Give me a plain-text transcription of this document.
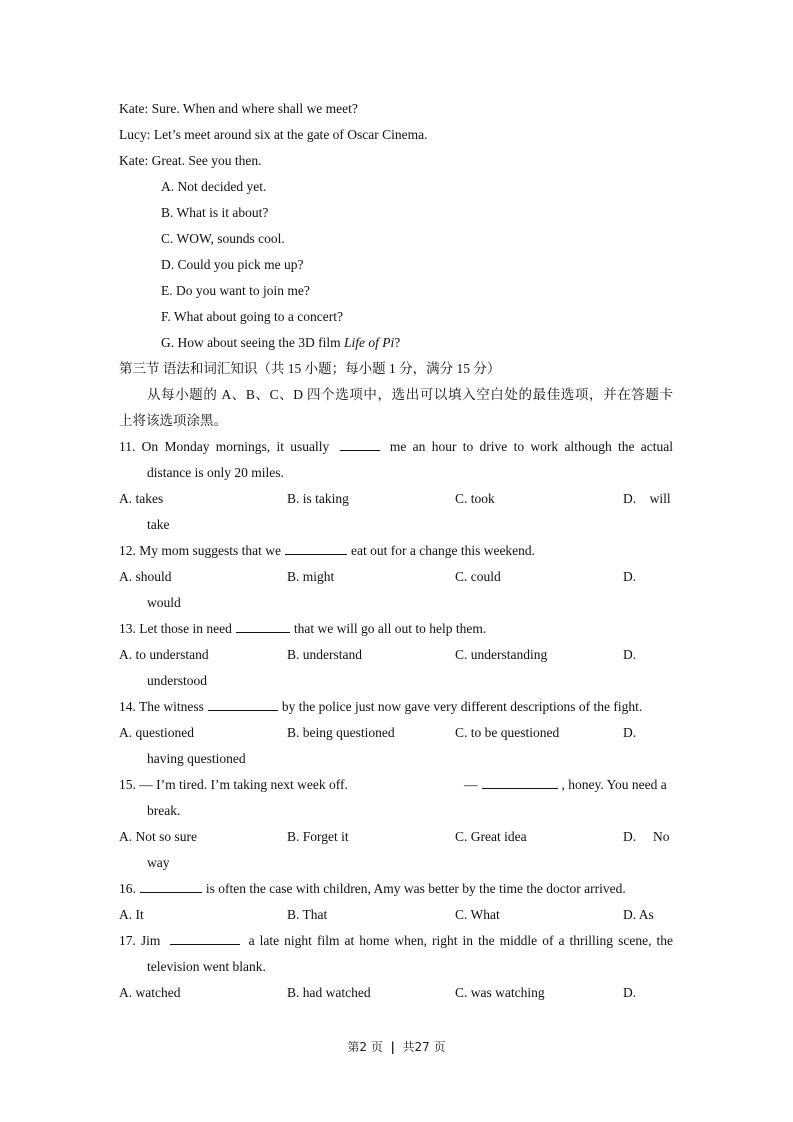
Kate: Sure. When and where shall we meet?
Lucy: Let’s meet around six at the gate of Oscar Cinema.
Kate: Great. See you then.
A. Not decided yet.
B. What is it about?
C. WOW, sounds cool.
D. Could you pick me up?
E. Do you want to join me?
F. What about going to a concert?
G. How about seeing the 3D film Life of Pi?
第三节 语法和词汇知识（共 15 小题；每小题 1 分，满分 15 分）
从每小题的 A、B、C、D 四个选项中，选出可以填入空白处的最佳选项，并在答题卡
上将该选项涂黑。
11. On Monday mornings, it usually	me an hour to drive to work although the actual
distance is only 20 miles.
A. takes	B. is taking	C. took	D.    will
take
12. My mom suggests that we	eat out for a change this weekend.
A. should	B. might	C. could	D.
would
13. Let those in need	that we will go all out to help them.
A. to understand	B. understand	C. understanding	D.
understood
14. The witness	by the police just now gave very different descriptions of the fight.
A. questioned	B. being questioned	C. to be questioned	D.
having questioned
15. — I’m tired. I’m taking next week off.	—	, honey. You need a
break.
A. Not so sure	B. Forget it	C. Great idea	D.     No
way
16.	is often the case with children, Amy was better by the time the doctor arrived.
A. It	B. That	C. What	D. As
17. Jim	a late night film at home when, right in the middle of a thrilling scene, the
television went blank.
A. watched	B. had watched	C. was watching	D.
第2 页 | 共27 页
